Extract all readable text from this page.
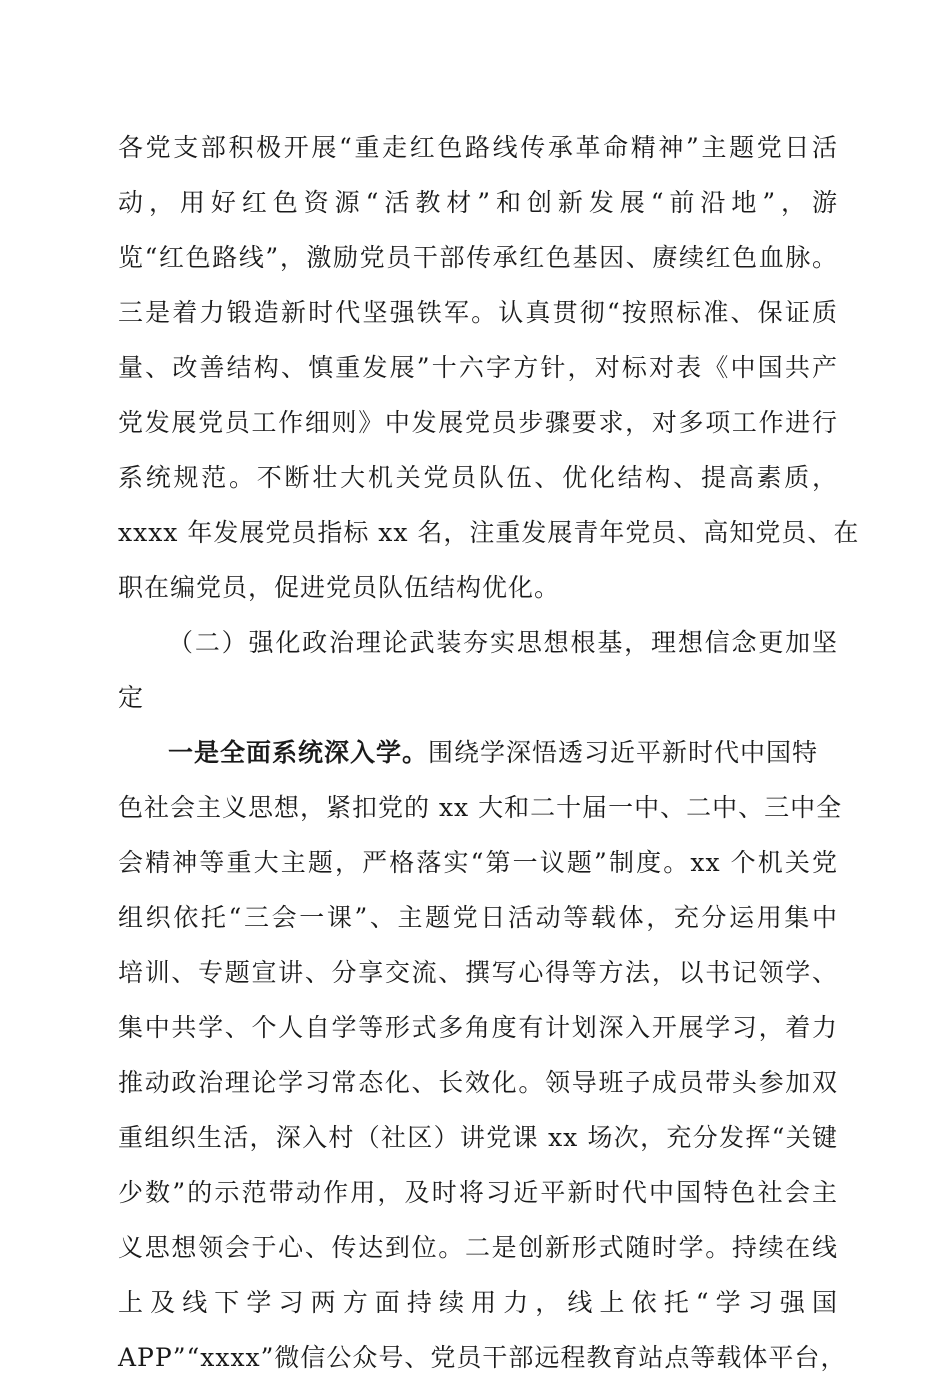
各党支部积极开展“重走红色路线传承革命精神”主题党日活
动，用好红色资源“活教材”和创新发展“前沿地”，游
览“红色路线”，激励党员干部传承红色基因、赓续红色血脉。
三是着力锻造新时代坚强铁军。认真贯彻“按照标准、保证质
量、改善结构、慎重发展”十六字方针，对标对表《中国共产
党发展党员工作细则》中发展党员步骤要求，对多项工作进行
系统规范。不断壮大机关党员队伍、优化结构、提高素质，
xxxx 年发展党员指标 xx 名，注重发展青年党员、高知党员、在
职在编党员，促进党员队伍结构优化。
（二）强化政治理论武装夯实思想根基，理想信念更加坚
定
一是全面系统深入学。围绕学深悟透习近平新时代中国特
色社会主义思想，紧扣党的 xx 大和二十届一中、二中、三中全
会精神等重大主题，严格落实“第一议题”制度。xx 个机关党
组织依托“三会一课”、主题党日活动等载体，充分运用集中
培训、专题宣讲、分享交流、撰写心得等方法，以书记领学、
集中共学、个人自学等形式多角度有计划深入开展学习，着力
推动政治理论学习常态化、长效化。领导班子成员带头参加双
重组织生活，深入村（社区）讲党课 xx 场次，充分发挥“关键
少数”的示范带动作用，及时将习近平新时代中国特色社会主
义思想领会于心、传达到位。二是创新形式随时学。持续在线
上及线下学习两方面持续用力，线上依托“学习强国
APP”“xxxx”微信公众号、党员干部远程教育站点等载体平台，
